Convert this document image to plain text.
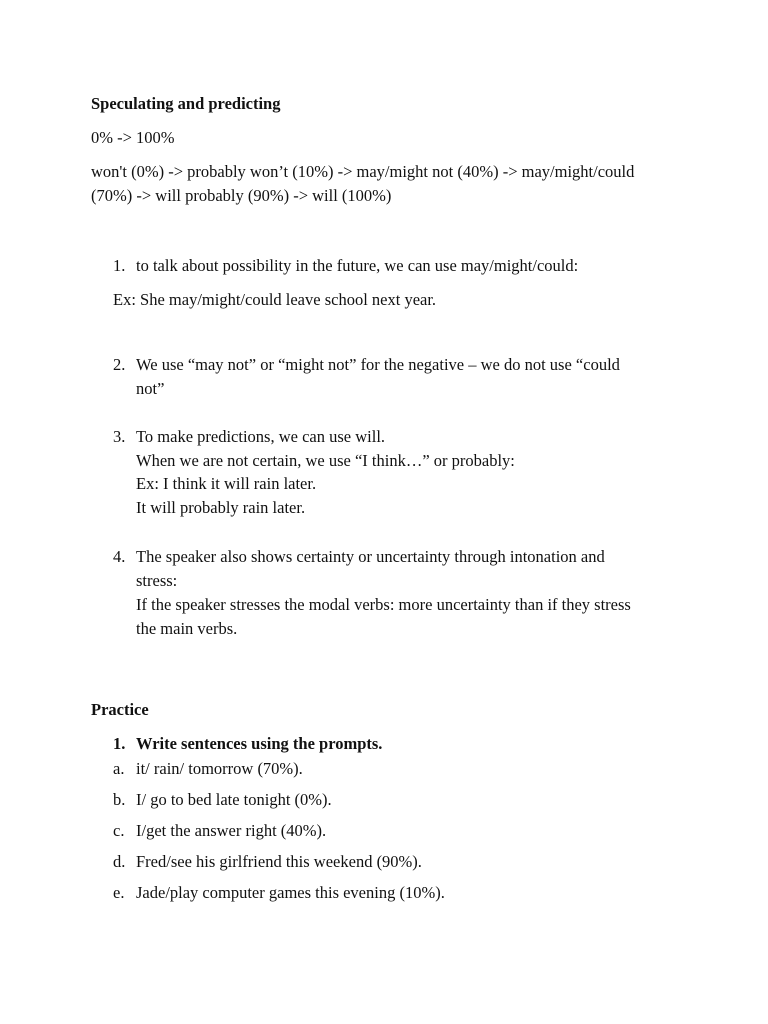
Speculating and predicting
0% -> 100%
won't (0%) -> probably won’t (10%) -> may/might not (40%) -> may/might/could
(70%) -> will probably (90%) -> will (100%)
1. to talk about possibility in the future, we can use may/might/could:
Ex: She may/might/could leave school next year.
2. We use “may not” or “might not” for the negative – we do not use “could
not”
3. To make predictions, we can use will.
When we are not certain, we use “I think…” or probably:
Ex: I think it will rain later.
It will probably rain later.
4. The speaker also shows certainty or uncertainty through intonation and
stress:
If the speaker stresses the modal verbs: more uncertainty than if they stress
the main verbs.
Practice
1. Write sentences using the prompts.
a. it/ rain/ tomorrow (70%).
b. I/ go to bed late tonight (0%).
c. I/get the answer right (40%).
d. Fred/see his girlfriend this weekend (90%).
e. Jade/play computer games this evening (10%).
